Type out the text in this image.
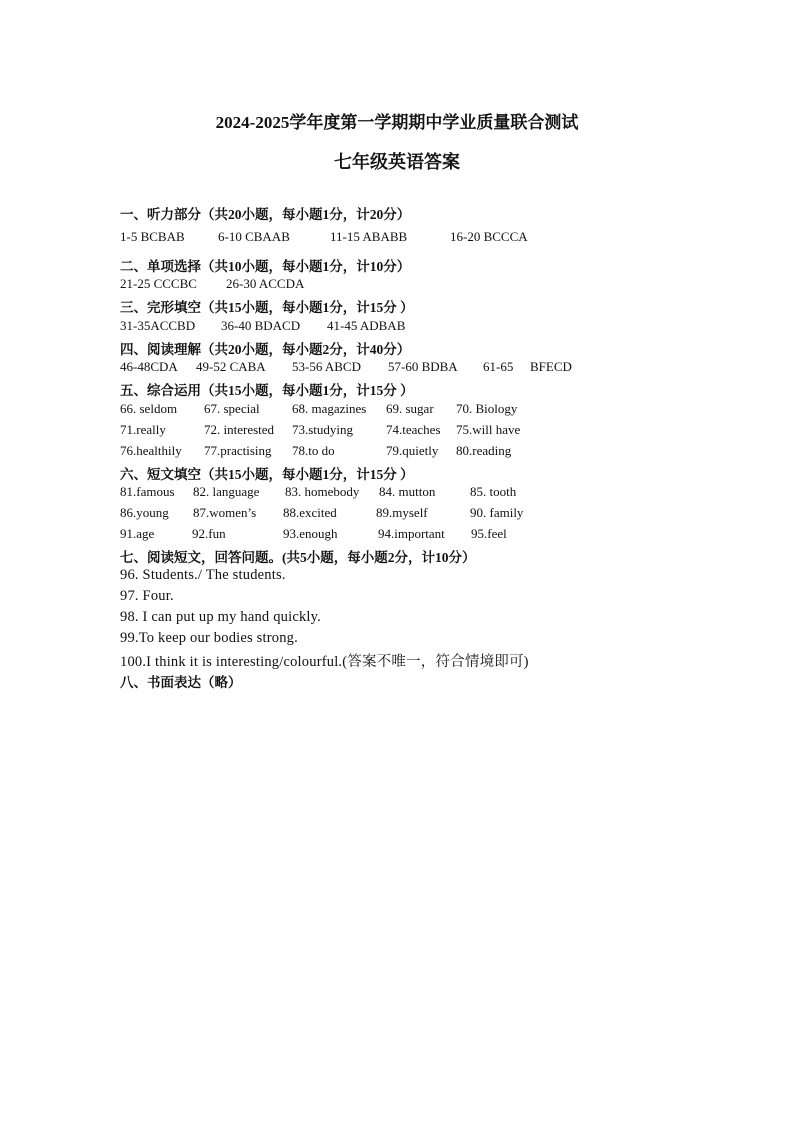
2024-2025学年度第一学期期中学业质量联合测试
七年级英语答案

一、听力部分（共20小题，每小题1分，计20分）

1-5 BCBAB	6-10 CBAAB	11-15 ABABB	16-20 BCCCA

二、单项选择（共10小题，每小题1分，计10分）

21-25 CCCBC 26-30 ACCDA

三、完形填空（共15小题，每小题1分，计15分 ）

31-35ACCBD 36-40 BDACD 41-45 ADBAB

四、阅读理解（共20小题，每小题2分，计40分）

46-48CDA 49-52 CABA 53-56 ABCD 57-60 BDBA 61-65 BFECD

五、综合运用（共15小题，每小题1分，计15分 ）

66. seldom 67. special 68. magazines 69. sugar 70. Biology
71.really	72. interested 73.studying	74.teaches 75.will have
76.healthily 77.practising 78.to do	79.quietly 80.reading

六、短文填空（共15小题，每小题1分，计15分 ）

81.famous 82. language 83. homebody 84. mutton	85. tooth
86.young 87.women’s 88.excited	89.myself	90. family
91.age	92.fun	93.enough	94.important 95.feel

七、阅读短文，回答问题。(共5小题，每小题2分，计10分）

96. Students./ The students.
97. Four.
98. I can put up my hand quickly.
99.To keep our bodies strong.
100.I think it is interesting/colourful.(答案不唯一，符合情境即可)

八、书面表达（略）
